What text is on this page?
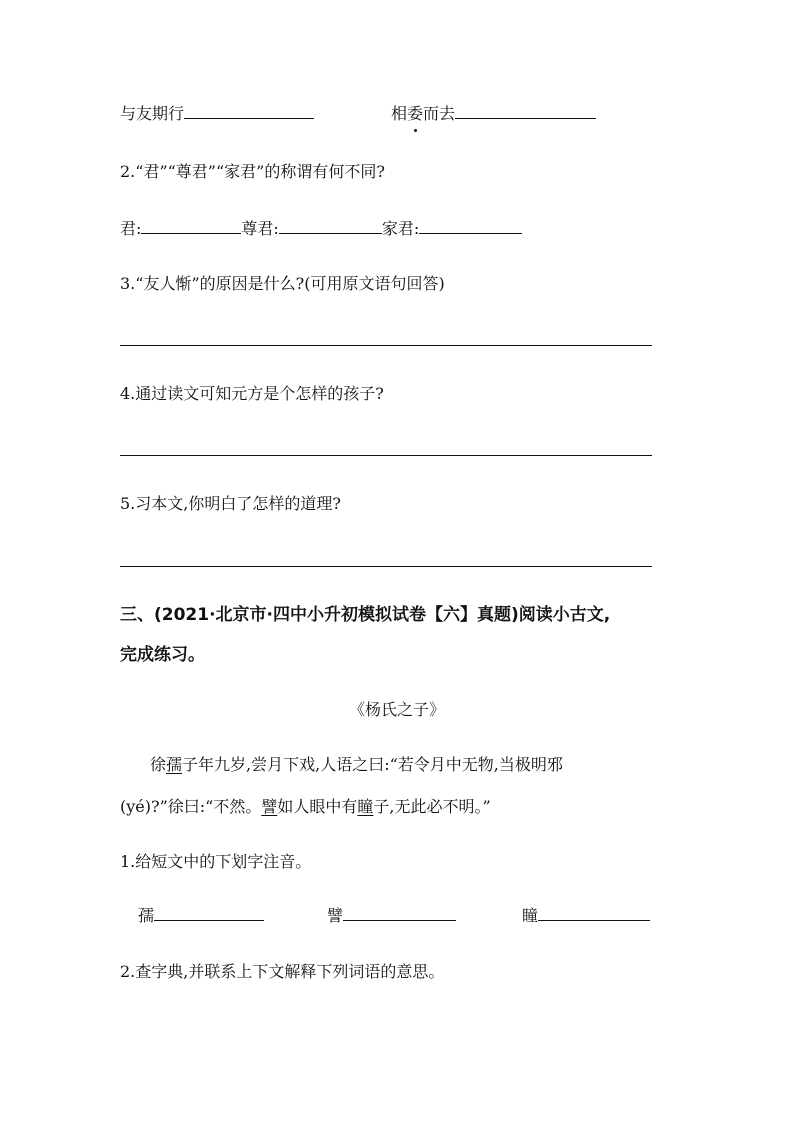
与友期行	相委而去
2.“君”“尊君”“家君”的称谓有何不同?
君:	尊君:	家君:
3.“友人惭”的原因是什么?(可用原文语句回答)
4.通过读文可知元方是个怎样的孩子?
5.习本文,你明白了怎样的道理?
三、(2021·北京市·四中小升初模拟试卷【六】真题)阅读小古文,
完成练习。
《杨氏之子》
徐孺子年九岁,尝月下戏,人语之曰:“若令月中无物,当极明邪
(yé)?”徐曰:“不然。譬如人眼中有瞳子,无此必不明。”
1.给短文中的下划字注音。
孺	譬	瞳
2.查字典,并联系上下文解释下列词语的意思。
